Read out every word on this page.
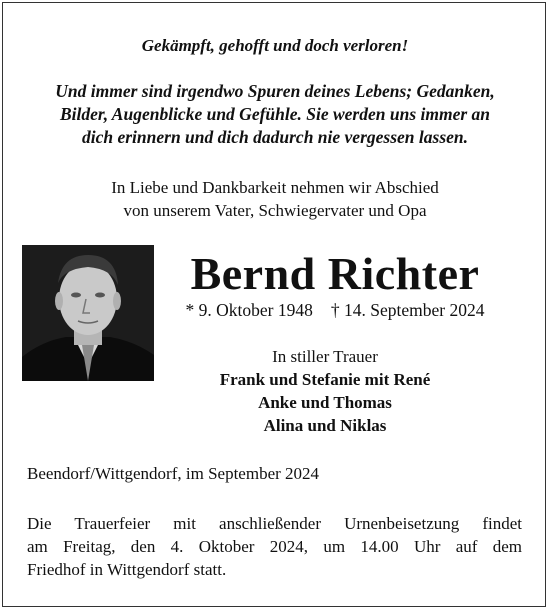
Gekämpft, gehofft und doch verloren!
Und immer sind irgendwo Spuren deines Lebens; Gedanken,
Bilder, Augenblicke und Gefühle. Sie werden uns immer an
dich erinnern und dich dadurch nie vergessen lassen.
In Liebe und Dankbarkeit nehmen wir Abschied
von unserem Vater, Schwiegervater und Opa
Bernd Richter
* 9. Oktober 1948 † 14. September 2024
In stiller Trauer
Frank und Stefanie mit René
Anke und Thomas
Alina und Niklas
Beendorf/Wittgendorf, im September 2024
Die Trauerfeier mit anschließender Urnenbeisetzung findet
am Freitag, den 4. Oktober 2024, um 14.00 Uhr auf dem
Friedhof in Wittgendorf statt.
